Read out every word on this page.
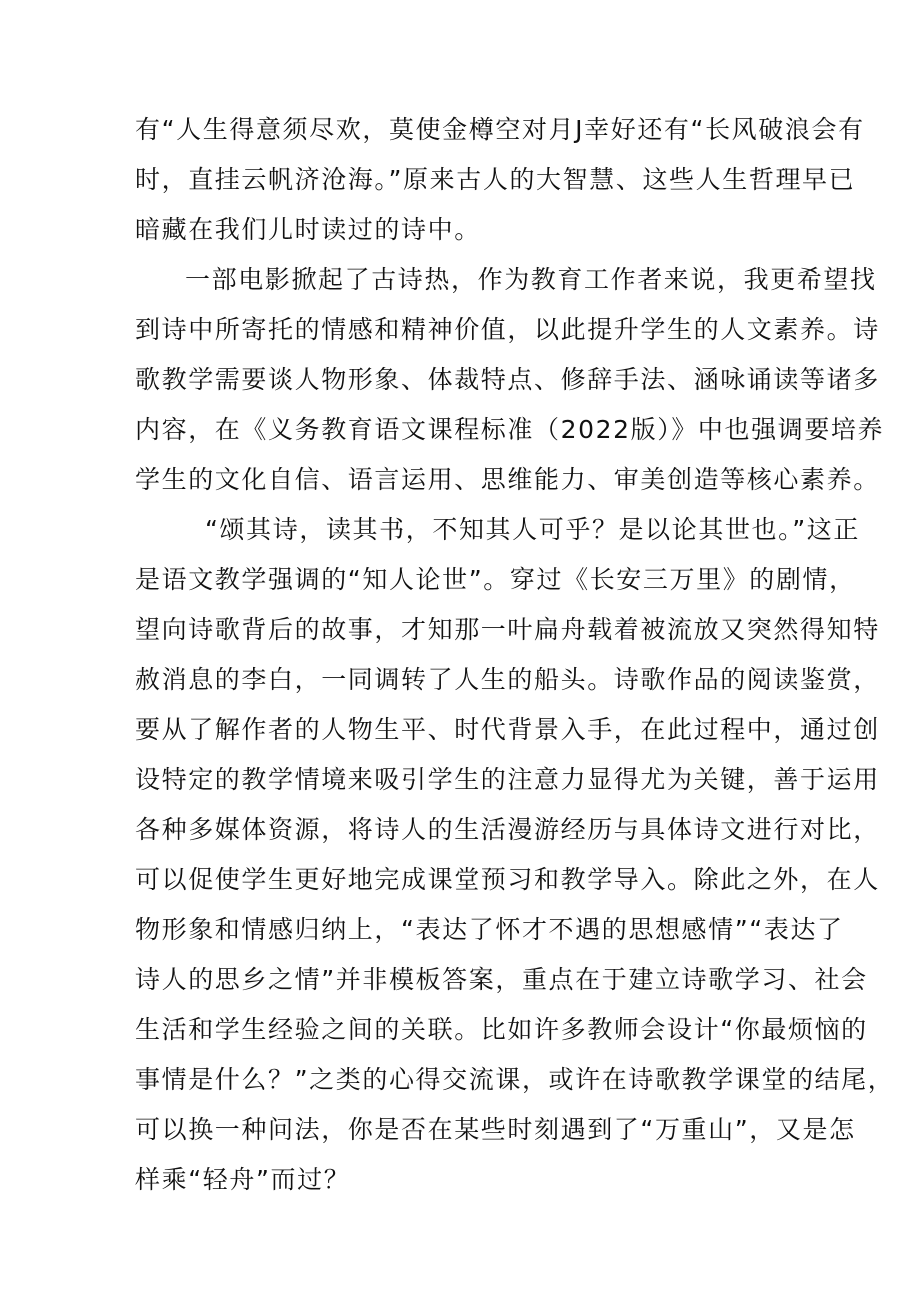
有“人生得意须尽欢，莫使金樽空对月J幸好还有“长风破浪会有
时，直挂云帆济沧海。”原来古人的大智慧、这些人生哲理早已
暗藏在我们儿时读过的诗中。
一部电影掀起了古诗热，作为教育工作者来说，我更希望找
到诗中所寄托的情感和精神价值，以此提升学生的人文素养。诗
歌教学需要谈人物形象、体裁特点、修辞手法、涵咏诵读等诸多
内容，在《义务教育语文课程标准（2022版）》中也强调要培养
学生的文化自信、语言运用、思维能力、审美创造等核心素养。
“颂其诗，读其书，不知其人可乎？是以论其世也。”这正
是语文教学强调的“知人论世”。穿过《长安三万里》的剧情，
望向诗歌背后的故事，才知那一叶扁舟载着被流放又突然得知特
赦消息的李白，一同调转了人生的船头。诗歌作品的阅读鉴赏，
要从了解作者的人物生平、时代背景入手，在此过程中，通过创
设特定的教学情境来吸引学生的注意力显得尤为关键，善于运用
各种多媒体资源，将诗人的生活漫游经历与具体诗文进行对比，
可以促使学生更好地完成课堂预习和教学导入。除此之外，在人
物形象和情感归纳上，“表达了怀才不遇的思想感情”“表达了
诗人的思乡之情”并非模板答案，重点在于建立诗歌学习、社会
生活和学生经验之间的关联。比如许多教师会设计“你最烦恼的
事情是什么？”之类的心得交流课，或许在诗歌教学课堂的结尾，
可以换一种问法，你是否在某些时刻遇到了“万重山”，又是怎
样乘“轻舟”而过？
